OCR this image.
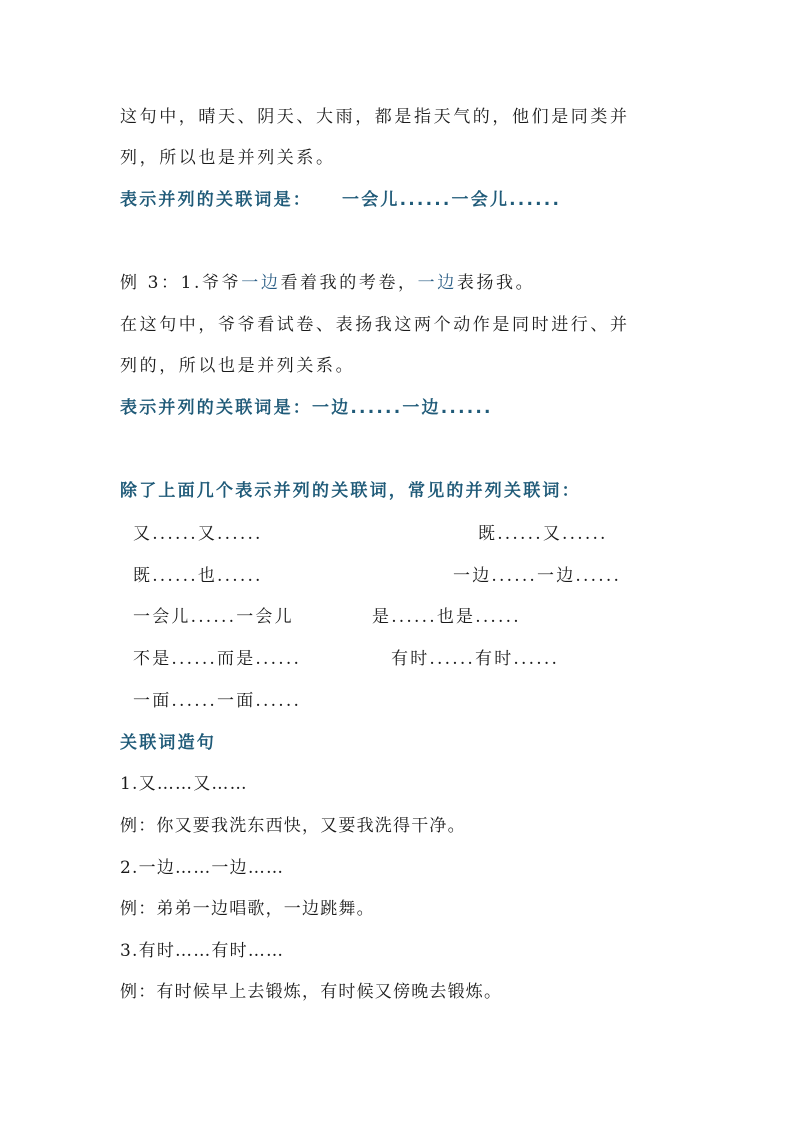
这句中，晴天、阴天、大雨，都是指天气的，他们是同类并
列，所以也是并列关系。
表示并列的关联词是： 一会儿......一会儿......
例 3：1.爷爷一边看着我的考卷，一边表扬我。
在这句中，爷爷看试卷、表扬我这两个动作是同时进行、并
列的，所以也是并列关系。
表示并列的关联词是：一边......一边......
除了上面几个表示并列的关联词，常见的并列关联词：
又......又......	既......又......
既......也......	一边......一边......
一会儿......一会儿	是......也是......
不是......而是......	有时......有时......
一面......一面......
关联词造句
1.又……又……
例：你又要我洗东西快，又要我洗得干净。
2.一边……一边……
例：弟弟一边唱歌，一边跳舞。
3.有时……有时……
例：有时候早上去锻炼，有时候又傍晚去锻炼。
